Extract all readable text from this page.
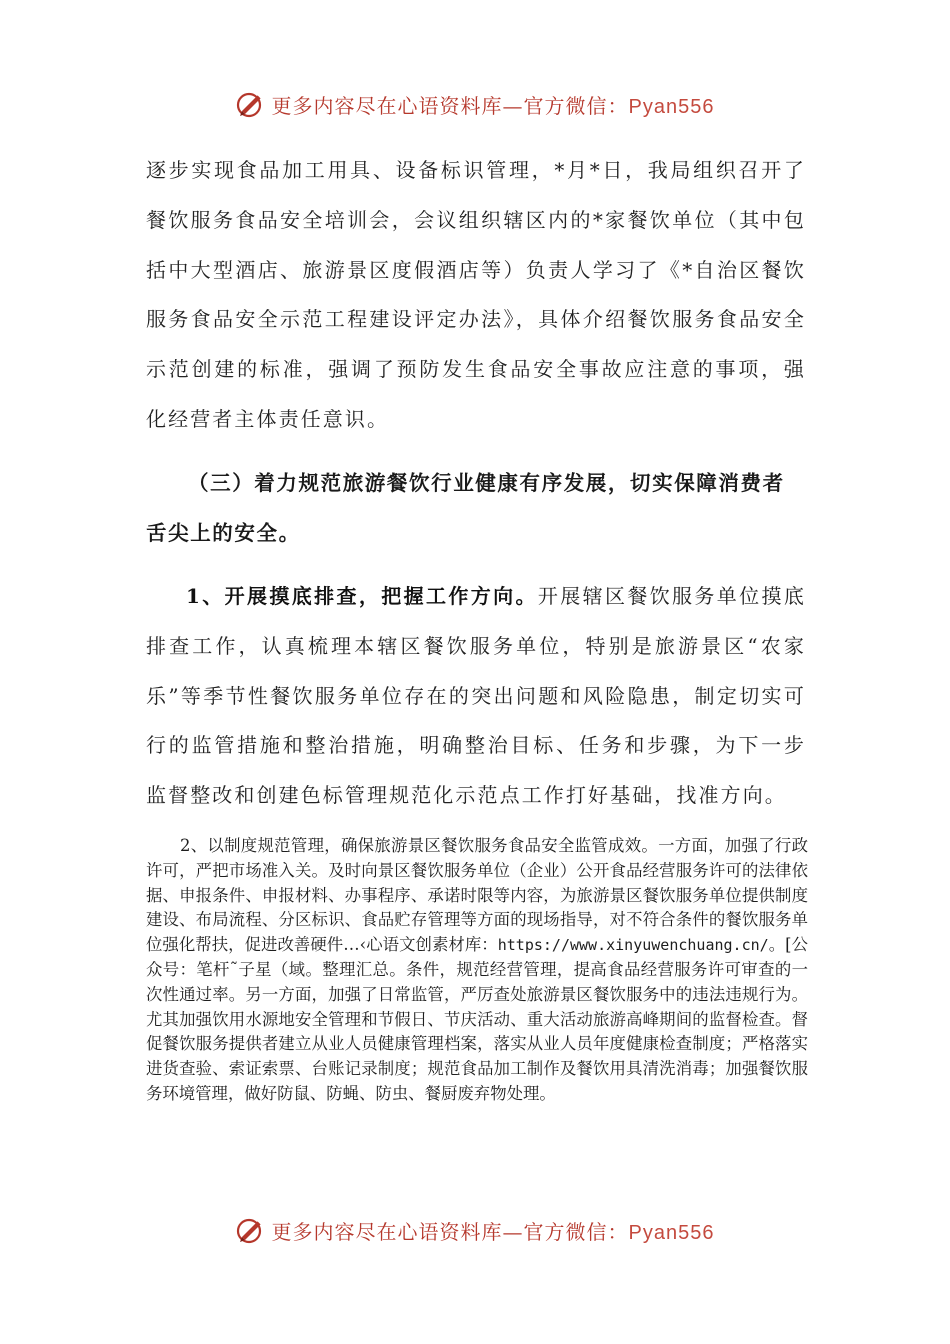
更多内容尽在心语资料库—官方微信：Pyan556

逐步实现食品加工用具、设备标识管理，*月*日，我局组织召开了餐饮服务食品安全培训会，会议组织辖区内的*家餐饮单位（其中包括中大型酒店、旅游景区度假酒店等）负责人学习了《*自治区餐饮服务食品安全示范工程建设评定办法》，具体介绍餐饮服务食品安全示范创建的标准，强调了预防发生食品安全事故应注意的事项，强化经营者主体责任意识。

（三）着力规范旅游餐饮行业健康有序发展，切实保障消费者舌尖上的安全。

1、开展摸底排查，把握工作方向。开展辖区餐饮服务单位摸底排查工作，认真梳理本辖区餐饮服务单位，特别是旅游景区“农家乐”等季节性餐饮服务单位存在的突出问题和风险隐患，制定切实可行的监管措施和整治措施，明确整治目标、任务和步骤，为下一步监督整改和创建色标管理规范化示范点工作打好基础，找准方向。

2、以制度规范管理，确保旅游景区餐饮服务食品安全监管成效。一方面，加强了行政许可，严把市场准入关。及时向景区餐饮服务单位（企业）公开食品经营服务许可的法律依据、申报条件、申报材料、办事程序、承诺时限等内容，为旅游景区餐饮服务单位提供制度建设、布局流程、分区标识、食品贮存管理等方面的现场指导，对不符合条件的餐饮服务单位强化帮扶，促进改善硬件…‹心语文创素材库：https://www.xinyuwenchuang.cn/。[公众号：笔杆˜子星（域。整理汇总。条件，规范经营管理，提高食品经营服务许可审查的一次性通过率。另一方面，加强了日常监管，严厉查处旅游景区餐饮服务中的违法违规行为。尤其加强饮用水源地安全管理和节假日、节庆活动、重大活动旅游高峰期间的监督检查。督促餐饮服务提供者建立从业人员健康管理档案，落实从业人员年度健康检查制度；严格落实进货查验、索证索票、台账记录制度；规范食品加工制作及餐饮用具清洗消毒；加强餐饮服务环境管理，做好防鼠、防蝇、防虫、餐厨废弃物处理。

更多内容尽在心语资料库—官方微信：Pyan556
